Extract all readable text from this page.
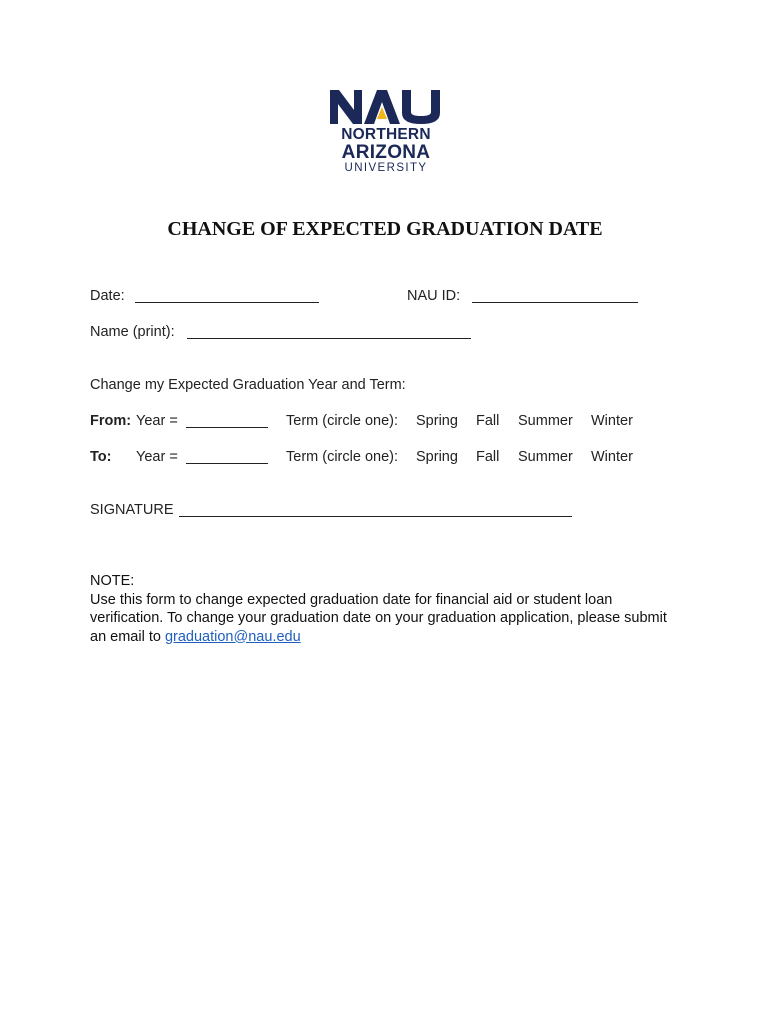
NORTHERN
ARIZONA
UNIVERSITY
CHANGE OF EXPECTED GRADUATION DATE
Date:	NAU ID:
Name (print):
Change my Expected Graduation Year and Term:
From: Year =	Term (circle one): Spring Fall Summer Winter
To: Year =	Term (circle one): Spring Fall Summer Winter
SIGNATURE
NOTE:
Use this form to change expected graduation date for financial aid or student loan verification. To change your graduation date on your graduation application, please submit an email to graduation@nau.edu
